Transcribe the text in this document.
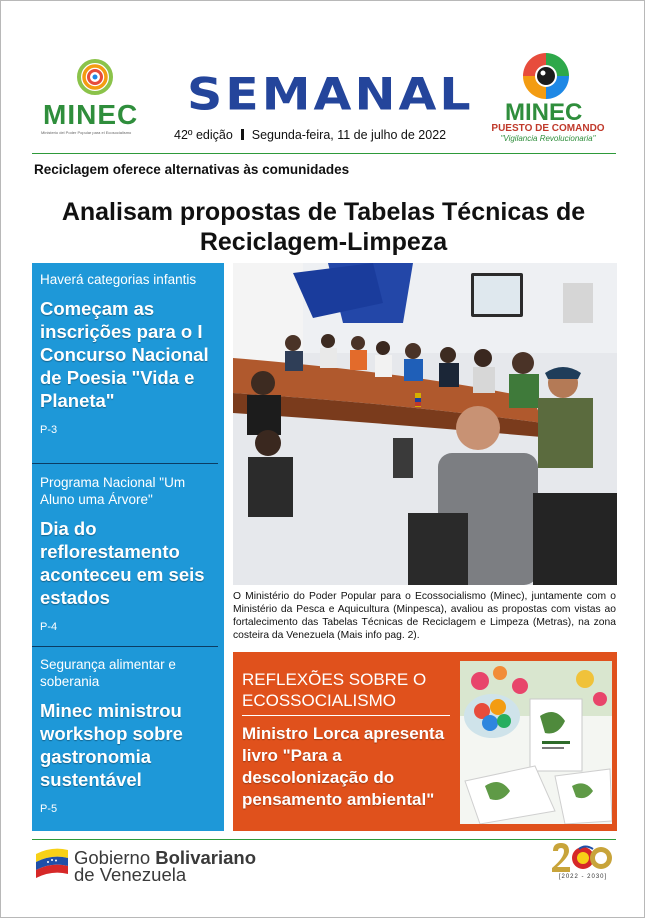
MINEC
Ministerio del Poder Popular para el Ecosocialismo
SEMANAL
42º edição Segunda-feira, 11 de julho de 2022
MINEC
PUESTO DE COMANDO
"Vigilancia Revolucionaria"
Reciclagem oferece alternativas às comunidades
Analisam propostas de Tabelas Técnicas de Reciclagem-Limpeza
Haverá categorias infantis
Começam as inscrições para o I Concurso Nacional de Poesia "Vida e Planeta"
P-3
Programa Nacional "Um Aluno uma Árvore"
Dia do reflorestamento aconteceu em seis estados
P-4
Segurança alimentar e soberania
Minec ministrou workshop sobre gastronomia sustentável
P-5
O Ministério do Poder Popular para o Ecossocialismo (Minec), juntamente com o Ministério da Pesca e Aquicultura (Minpesca), avaliou as propostas com vistas ao fortalecimento das Tabelas Técnicas de Reciclagem e Limpeza (Metras), na zona costeira da Venezuela (Mais info pag. 2).
REFLEXÕES SOBRE O ECOSSOCIALISMO
Ministro Lorca apresenta livro "Para a descolonização do pensamento ambiental"
Gobierno Bolivariano
de Venezuela	[2022 - 2030]
